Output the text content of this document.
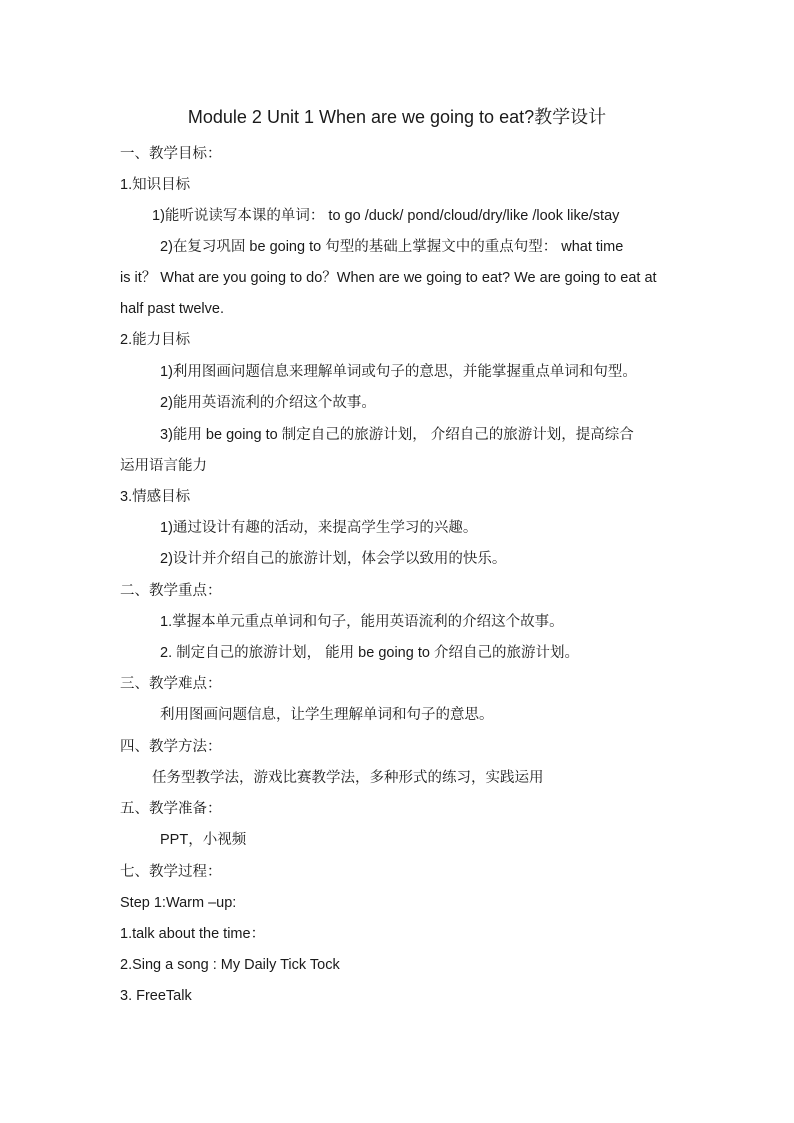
Module 2 Unit 1 When are we going to eat?教学设计
一、教学目标：
1.知识目标
1)能听说读写本课的单词： to go /duck/ pond/cloud/dry/like /look like/stay
2)在复习巩固 be going to 句型的基础上掌握文中的重点句型： what time
is it？ What are you going to do？When are we going to eat? We are going to eat at
half past twelve.
2.能力目标
1)利用图画问题信息来理解单词或句子的意思，并能掌握重点单词和句型。
2)能用英语流利的介绍这个故事。
3)能用 be going to 制定自己的旅游计划， 介绍自己的旅游计划，提高综合
运用语言能力
3.情感目标
1)通过设计有趣的活动，来提高学生学习的兴趣。
2)设计并介绍自己的旅游计划，体会学以致用的快乐。
二、教学重点：
1.掌握本单元重点单词和句子，能用英语流利的介绍这个故事。
2. 制定自己的旅游计划， 能用 be going to 介绍自己的旅游计划。
三、教学难点：
利用图画问题信息，让学生理解单词和句子的意思。
四、教学方法：
任务型教学法，游戏比赛教学法，多种形式的练习，实践运用
五、教学准备：
PPT，小视频
七、教学过程：
Step 1:Warm –up:
1.talk about the time：
2.Sing a song : My Daily Tick Tock
3. FreeTalk
